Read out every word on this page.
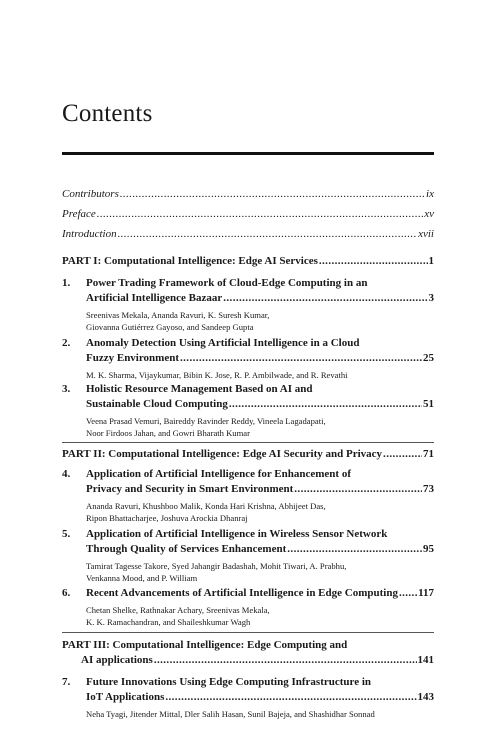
Contents
Contributors .....	ix
Preface .....	xv
Introduction .....	xvii
PART I: Computational Intelligence: Edge AI Services .....	1
1. Power Trading Framework of Cloud-Edge Computing in an
Artificial Intelligence Bazaar .....	3
Sreenivas Mekala, Ananda Ravuri, K. Suresh Kumar,
Giovanna Gutiérrez Gayoso, and Sandeep Gupta
2. Anomaly Detection Using Artificial Intelligence in a Cloud
Fuzzy Environment .....	25
M. K. Sharma, Vijaykumar, Bibin K. Jose, R. P. Ambilwade, and R. Revathi
3. Holistic Resource Management Based on AI and
Sustainable Cloud Computing .....	51
Veena Prasad Vemuri, Baireddy Ravinder Reddy, Vineela Lagadapati,
Noor Firdoos Jahan, and Gowri Bharath Kumar
PART II: Computational Intelligence: Edge AI Security and Privacy .....	71
4. Application of Artificial Intelligence for Enhancement of
Privacy and Security in Smart Environment .....	73
Ananda Ravuri, Khushboo Malik, Konda Hari Krishna, Abhijeet Das,
Ripon Bhattacharjee, Joshuva Arockia Dhanraj
5. Application of Artificial Intelligence in Wireless Sensor Network
Through Quality of Services Enhancement .....	95
Tamirat Tagesse Takore, Syed Jahangir Badashah, Mohit Tiwari, A. Prabhu,
Venkanna Mood, and P. William
6. Recent Advancements of Artificial Intelligence in Edge Computing ..... 117
Chetan Shelke, Rathnakar Achary, Sreenivas Mekala,
K. K. Ramachandran, and Shaileshkumar Wagh
PART III: Computational Intelligence: Edge Computing and
AI applications .....	141
7. Future Innovations Using Edge Computing Infrastructure in
IoT Applications .....	143
Neha Tyagi, Jitender Mittal, Dler Salih Hasan, Sunil Bajeja, and Shashidhar Sonnad
